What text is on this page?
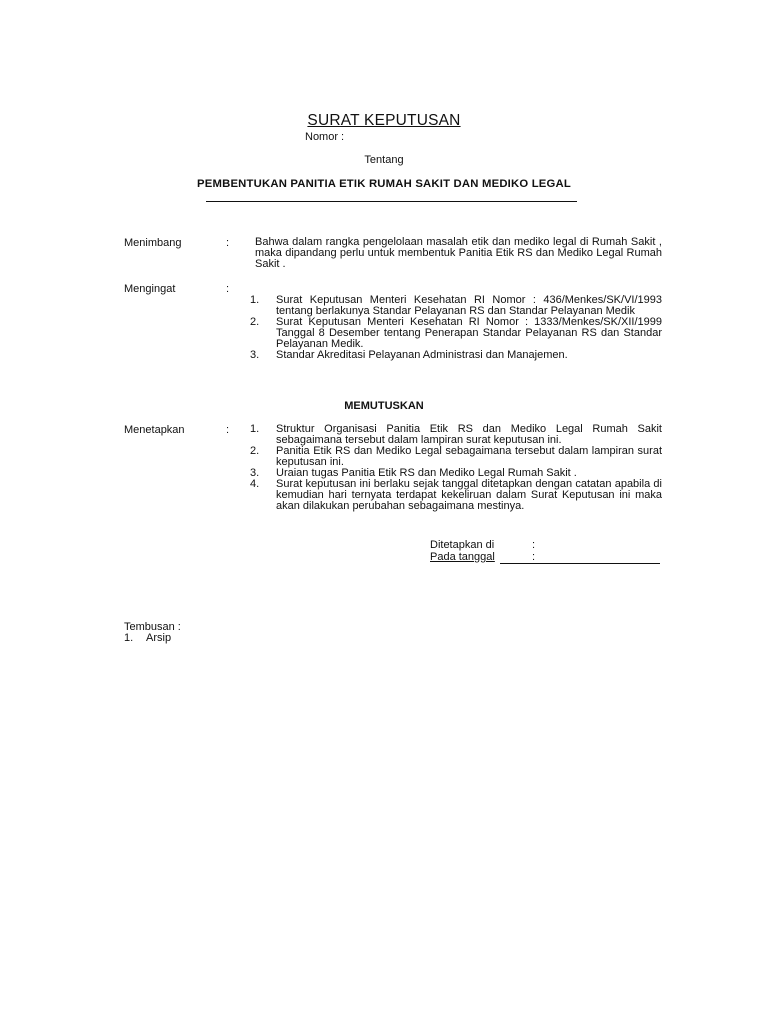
SURAT KEPUTUSAN
Nomor :
Tentang
PEMBENTUKAN PANITIA ETIK RUMAH SAKIT DAN MEDIKO LEGAL
Menimbang	: Bahwa dalam rangka pengelolaan masalah etik dan mediko legal di Rumah Sakit , maka dipandang perlu untuk membentuk Panitia Etik RS dan Mediko Legal Rumah Sakit .
Mengingat	:
1. Surat Keputusan Menteri Kesehatan RI Nomor : 436/Menkes/SK/VI/1993 tentang berlakunya Standar Pelayanan RS dan Standar Pelayanan Medik
2. Surat Keputusan Menteri Kesehatan RI Nomor : 1333/Menkes/SK/XII/1999 Tanggal 8 Desember tentang Penerapan Standar Pelayanan RS dan Standar Pelayanan Medik.
3. Standar Akreditasi Pelayanan Administrasi dan Manajemen.
MEMUTUSKAN
Menetapkan	: 1. Struktur Organisasi Panitia Etik RS dan Mediko Legal Rumah Sakit sebagaimana tersebut dalam lampiran surat keputusan ini.
2. Panitia Etik RS dan Mediko Legal sebagaimana tersebut dalam lampiran surat keputusan ini.
3. Uraian tugas Panitia Etik RS dan Mediko Legal Rumah Sakit .
4. Surat keputusan ini berlaku sejak tanggal ditetapkan dengan catatan apabila di kemudian hari ternyata terdapat kekeliruan dalam Surat Keputusan ini maka akan dilakukan perubahan sebagaimana mestinya.
Ditetapkan di	:
Pada tanggal	:
Tembusan :
1. Arsip
